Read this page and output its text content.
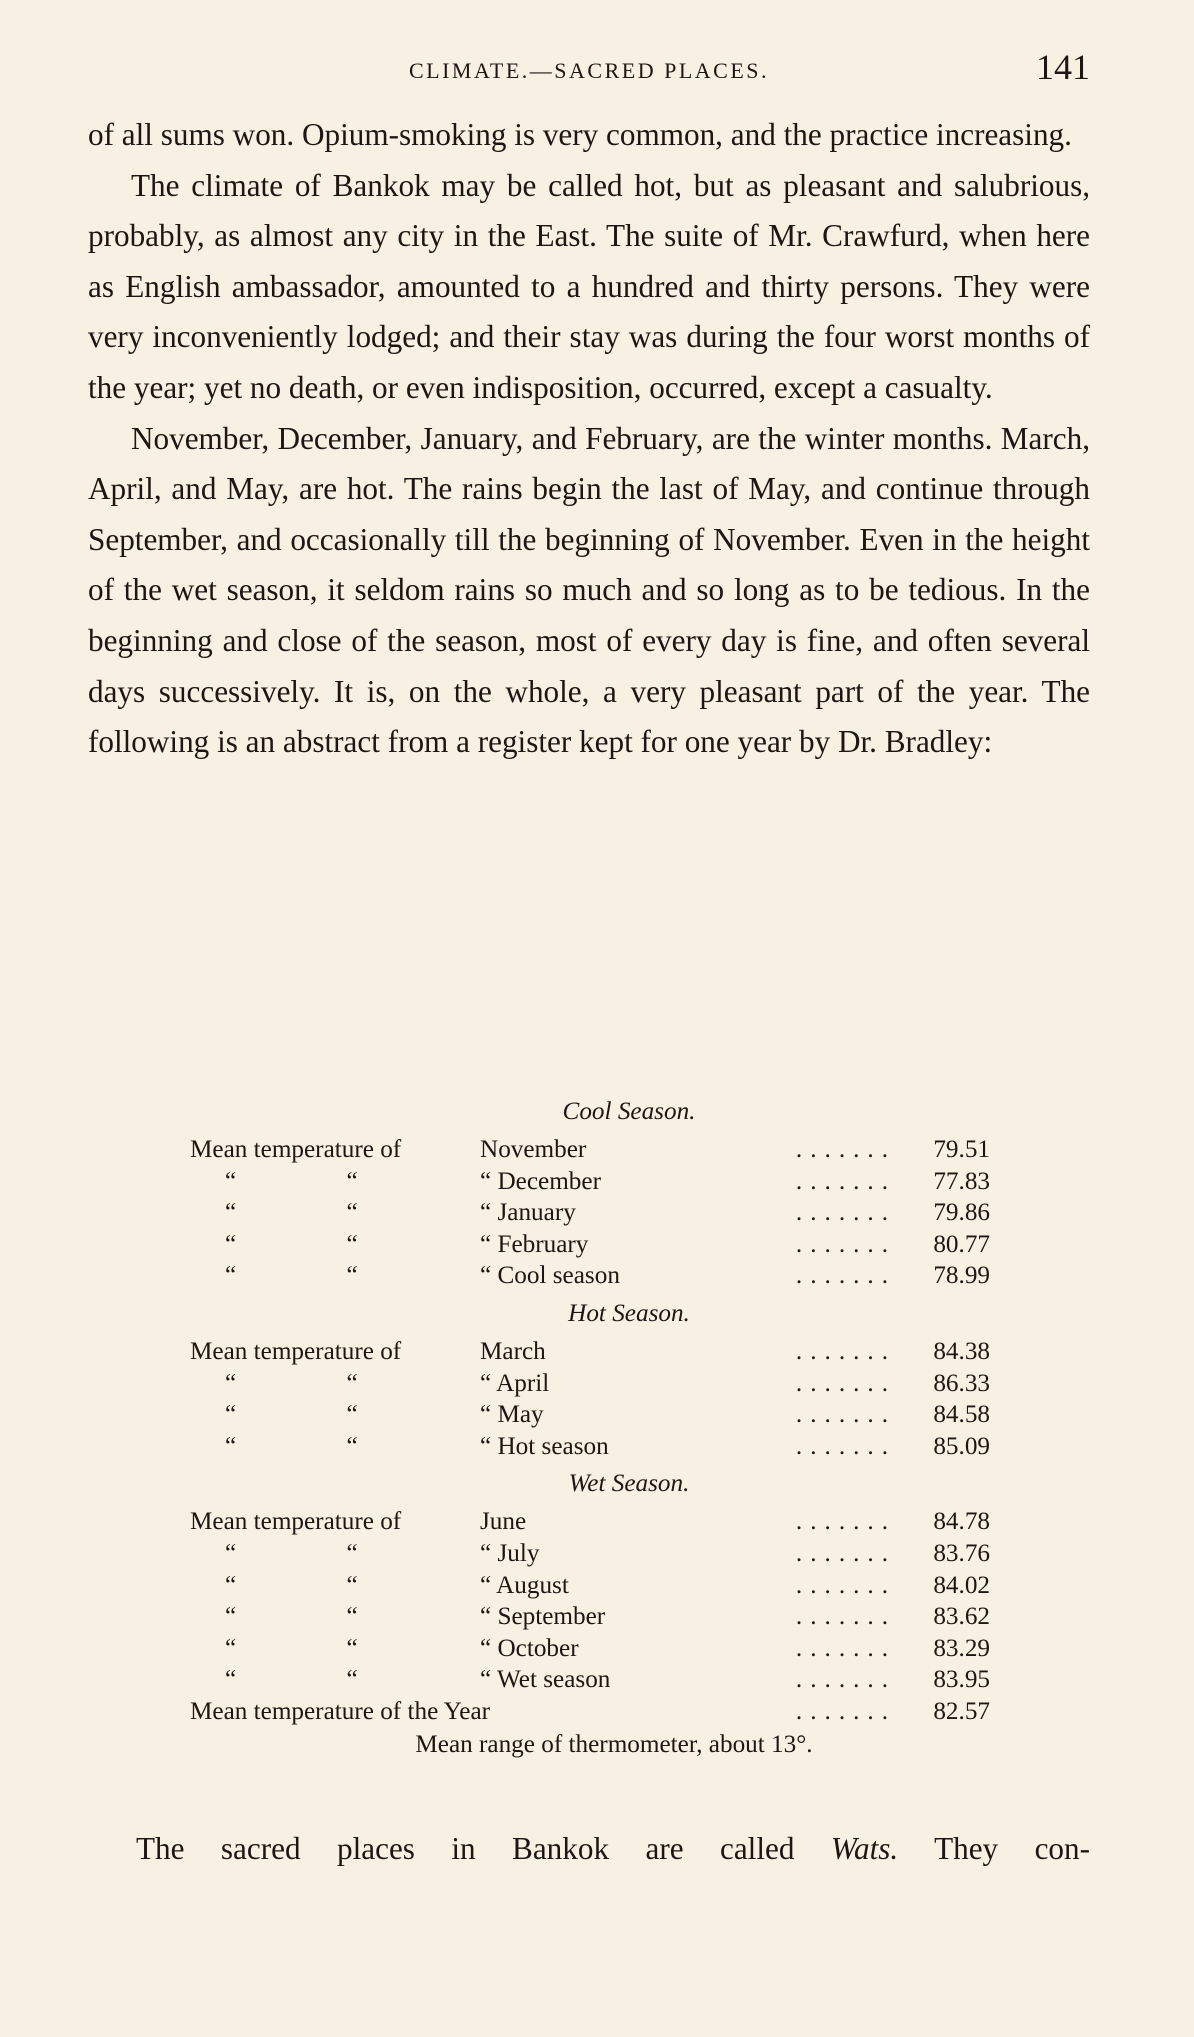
CLIMATE.—SACRED PLACES.	141

of all sums won. Opium-smoking is very common, and the practice increasing.

The climate of Bankok may be called hot, but as pleasant and salubrious, probably, as almost any city in the East. The suite of Mr. Crawfurd, when here as English ambassador, amounted to a hundred and thirty persons. They were very inconveniently lodged; and their stay was during the four worst months of the year; yet no death, or even indisposition, occurred, except a casualty.

November, December, January, and February, are the winter months. March, April, and May, are hot. The rains begin the last of May, and continue through September, and occasionally till the beginning of November. Even in the height of the wet season, it seldom rains so much and so long as to be tedious. In the beginning and close of the season, most of every day is fine, and often several days successively. It is, on the whole, a very pleasant part of the year. The following is an abstract from a register kept for one year by Dr. Bradley:

Cool Season.
Mean temperature of	November	....... 79.51
“ “	“ December	....... 77.83
“ “	“ January	....... 79.86
“ “	“ February	....... 80.77
“ “	“ Cool season	....... 78.99
Hot Season.
Mean temperature of	March	....... 84.38
“ “	“ April	....... 86.33
“ “	“ May	....... 84.58
“ “	“ Hot season	....... 85.09
Wet Season.
Mean temperature of	June	....... 84.78
“ “	“ July	....... 83.76
“ “	“ August	....... 84.02
“ “	“ September	....... 83.62
“ “	“ October	....... 83.29
“ “	“ Wet season	....... 83.95
Mean temperature of the Year	....... 82.57
Mean range of thermometer, about 13°.
The sacred places in Bankok are called Wats. They con-
